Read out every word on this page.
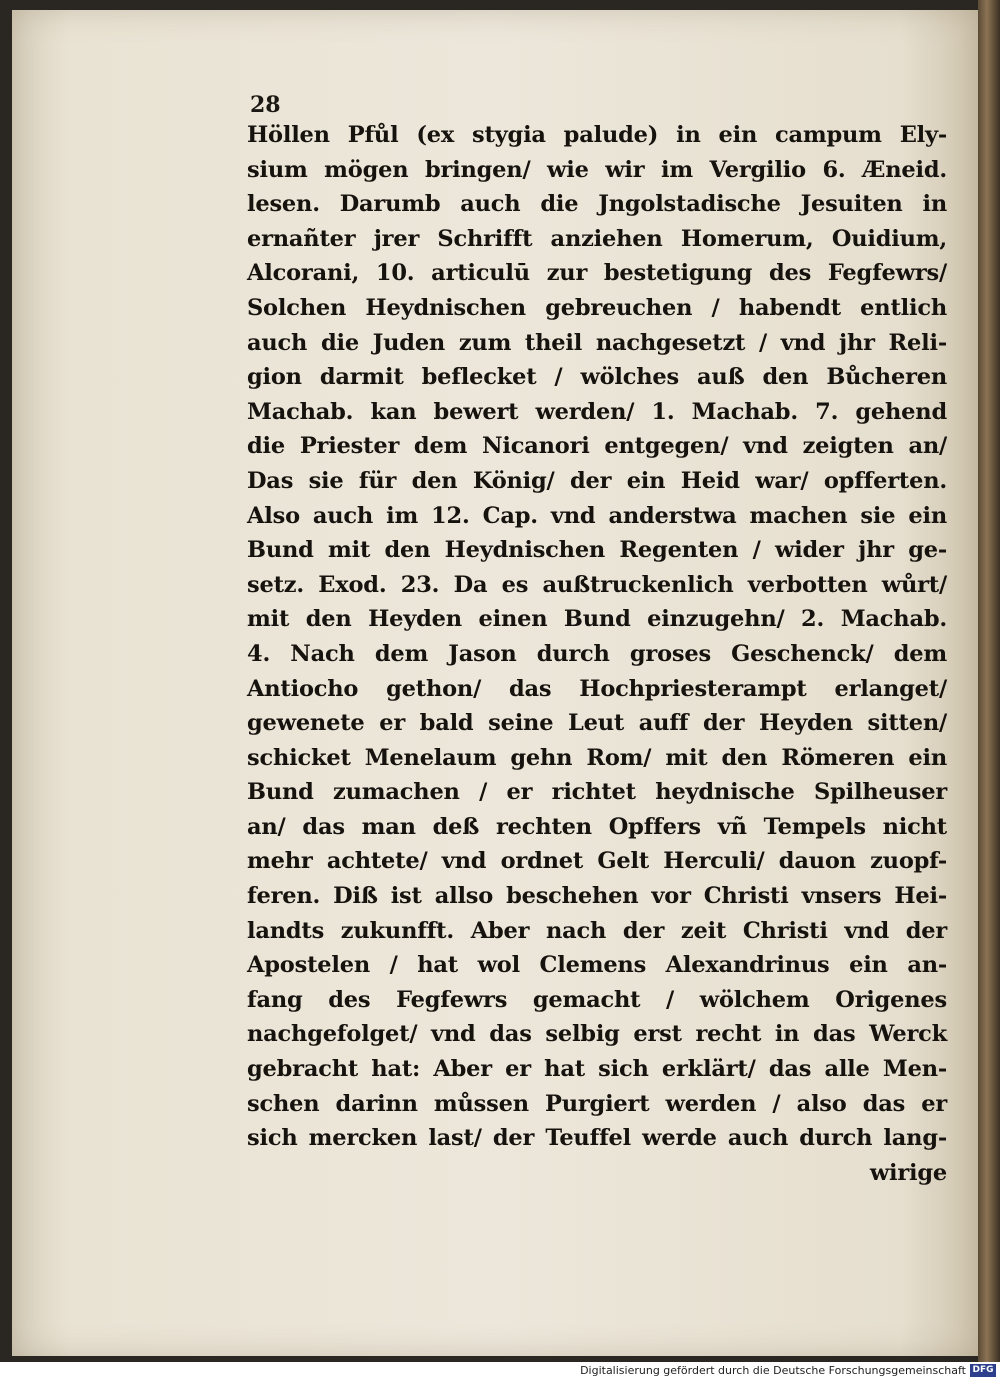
28
Höllen Pfůl (ex stygia palude) in ein campum Ely-
sium mögen bringen/ wie wir im Vergilio 6. Æneid.
lesen. Darumb auch die Jngolstadische Jesuiten in
ernañter jrer Schrifft anziehen Homerum, Ouidium,
Alcorani, 10. articulū zur bestetigung des Fegfewrs/
Solchen Heydnischen gebreuchen / habendt entlich
auch die Juden zum theil nachgesetzt / vnd jhr Reli-
gion darmit beflecket / wölches auß den Bůcheren
Machab. kan bewert werden/ 1. Machab. 7. gehend
die Priester dem Nicanori entgegen/ vnd zeigten an/
Das sie für den König/ der ein Heid war/ opfferten.
Also auch im 12. Cap. vnd anderstwa machen sie ein
Bund mit den Heydnischen Regenten / wider jhr ge-
setz. Exod. 23. Da es außtruckenlich verbotten wůrt/
mit den Heyden einen Bund einzugehn/ 2. Machab.
4. Nach dem Jason durch groses Geschenck/ dem
Antiocho gethon/ das Hochpriesterampt erlanget/
gewenete er bald seine Leut auff der Heyden sitten/
schicket Menelaum gehn Rom/ mit den Römeren ein
Bund zumachen / er richtet heydnische Spilheuser
an/ das man deß rechten Opffers vñ Tempels nicht
mehr achtete/ vnd ordnet Gelt Herculi/ dauon zuopf-
feren. Diß ist allso beschehen vor Christi vnsers Hei-
landts zukunfft. Aber nach der zeit Christi vnd der
Apostelen / hat wol Clemens Alexandrinus ein an-
fang des Fegfewrs gemacht / wölchem Origenes
nachgefolget/ vnd das selbig erst recht in das Werck
gebracht hat: Aber er hat sich erklärt/ das alle Men-
schen darinn můssen Purgiert werden / also das er
sich mercken last/ der Teuffel werde auch durch lang-
wirige
Digitalisierung gefördert durch die Deutsche Forschungsgemeinschaft DFG
